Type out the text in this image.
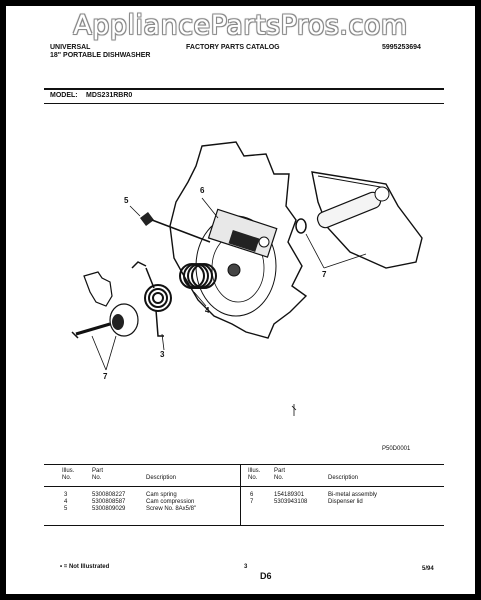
UNIVERSAL
18" PORTABLE DISHWASHER
FACTORY PARTS CATALOG	5995253694
MODEL: MDS231RBR0
5
6
7
4
3
7
P50D0001
Illus.
No.
Part
No.	Description
Illus.
No.
Part
No.	Description
3	5300808227	Cam spring
4	5300808587	Cam compression
5	5300809029	Screw No. 8Ax5/8"
6	154189301	Bi-metal assembly
7	5303943108	Dispenser lid
• = Not Illustrated	3
D6
5/94
AppliancePartsPros.com
